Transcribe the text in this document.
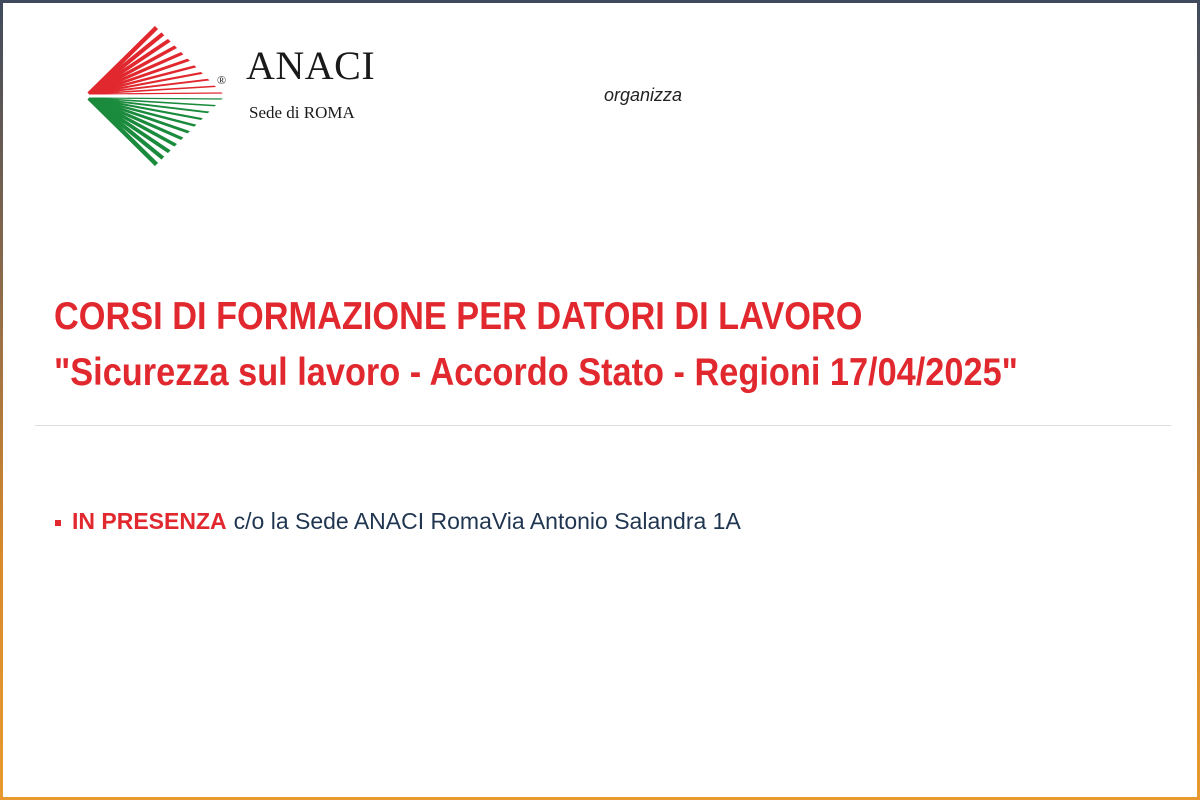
ANACI
®
Sede di ROMA
organizza
CORSI DI FORMAZIONE PER DATORI DI LAVORO
"Sicurezza sul lavoro - Accordo Stato - Regioni 17/04/2025"
IN PRESENZA c/o la Sede ANACI RomaVia Antonio Salandra 1A
